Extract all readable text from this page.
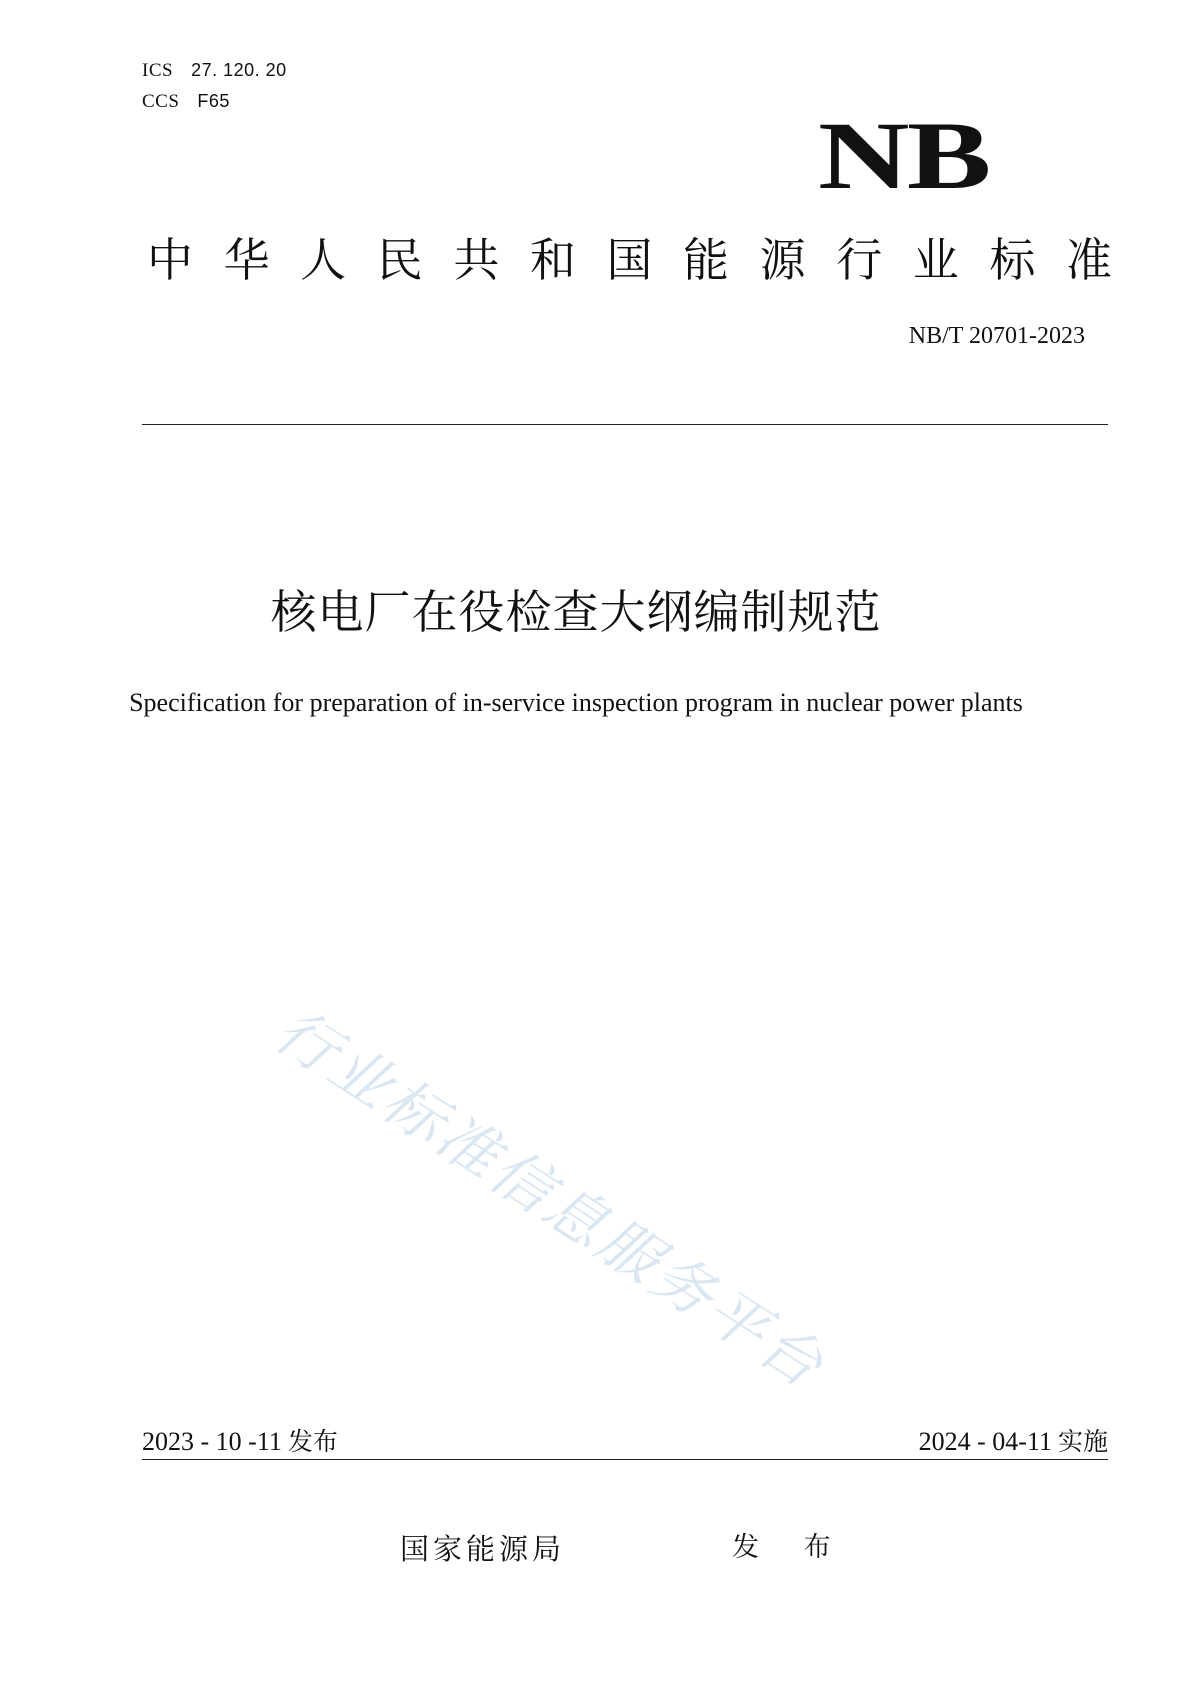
ICS 27. 120. 20
CCS F65
NB
中 华 人 民 共 和 国 能 源 行 业 标 准
NB/T 20701-2023
核电厂在役检查大纲编制规范
Specification for preparation of in-service inspection program in nuclear power plants
行业标准信息服务平台
2023 - 10 -11 发布	2024 - 04-11 实施
国家能源局	发 布
